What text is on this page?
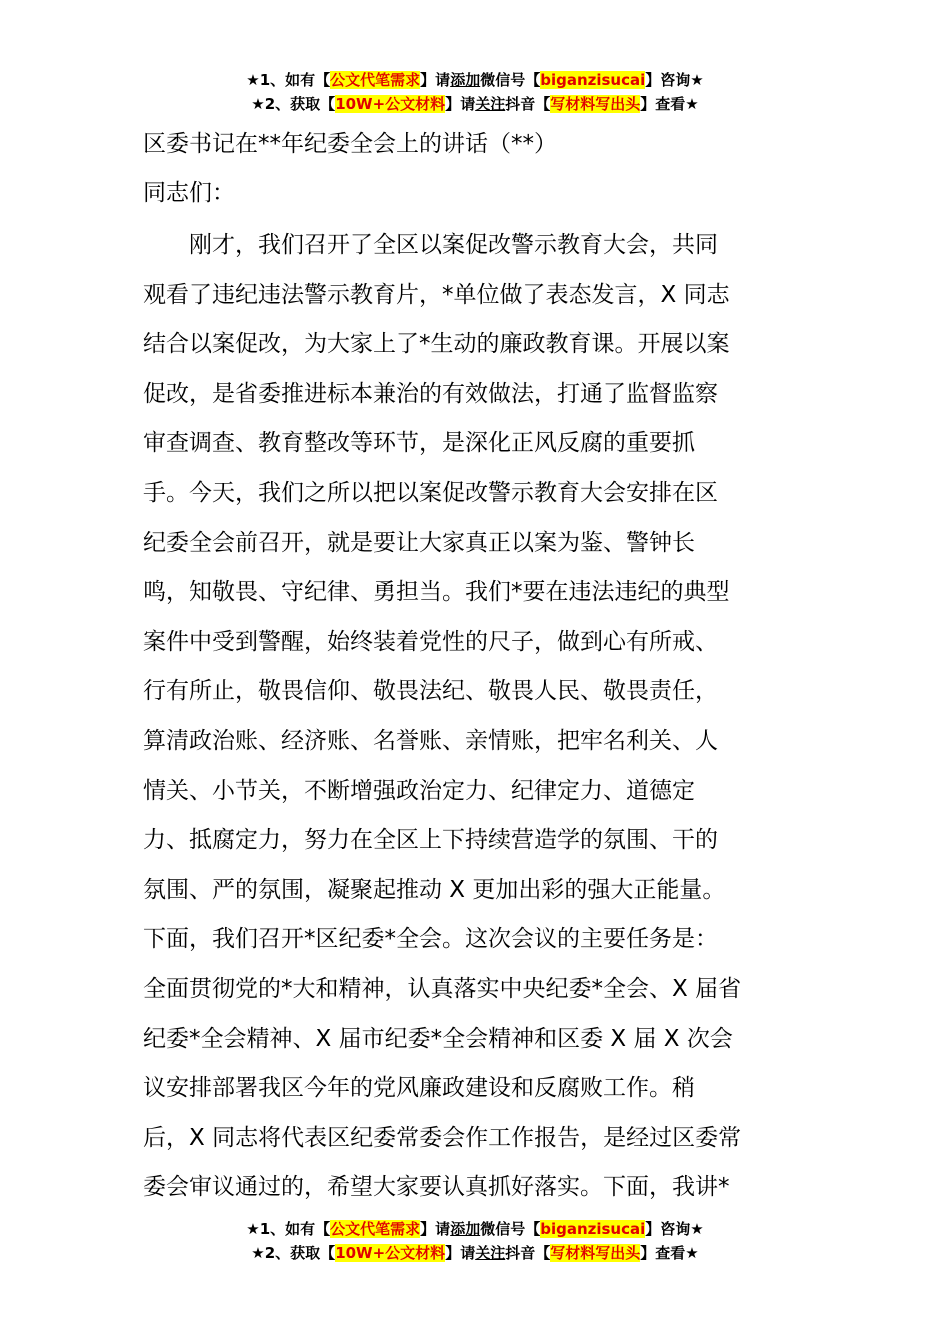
★1、如有【公文代笔需求】请添加微信号【biganzisucai】咨询★
★2、获取【10W+公文材料】请关注抖音【写材料写出头】查看★
区委书记在**年纪委全会上的讲话（**）
同志们：
　　刚才，我们召开了全区以案促改警示教育大会，共同
观看了违纪违法警示教育片，*单位做了表态发言，X 同志
结合以案促改，为大家上了*生动的廉政教育课。开展以案
促改，是省委推进标本兼治的有效做法，打通了监督监察
审查调查、教育整改等环节，是深化正风反腐的重要抓
手。今天，我们之所以把以案促改警示教育大会安排在区
纪委全会前召开，就是要让大家真正以案为鉴、警钟长
鸣，知敬畏、守纪律、勇担当。我们*要在违法违纪的典型
案件中受到警醒，始终装着党性的尺子，做到心有所戒、
行有所止，敬畏信仰、敬畏法纪、敬畏人民、敬畏责任，
算清政治账、经济账、名誉账、亲情账，把牢名利关、人
情关、小节关，不断增强政治定力、纪律定力、道德定
力、抵腐定力，努力在全区上下持续营造学的氛围、干的
氛围、严的氛围，凝聚起推动 X 更加出彩的强大正能量。
下面，我们召开*区纪委*全会。这次会议的主要任务是：
全面贯彻党的*大和精神，认真落实中央纪委*全会、X 届省
纪委*全会精神、X 届市纪委*全会精神和区委 X 届 X 次会
议安排部署我区今年的党风廉政建设和反腐败工作。稍
后，X 同志将代表区纪委常委会作工作报告，是经过区委常
委会审议通过的，希望大家要认真抓好落实。下面，我讲*
★1、如有【公文代笔需求】请添加微信号【biganzisucai】咨询★
★2、获取【10W+公文材料】请关注抖音【写材料写出头】查看★
